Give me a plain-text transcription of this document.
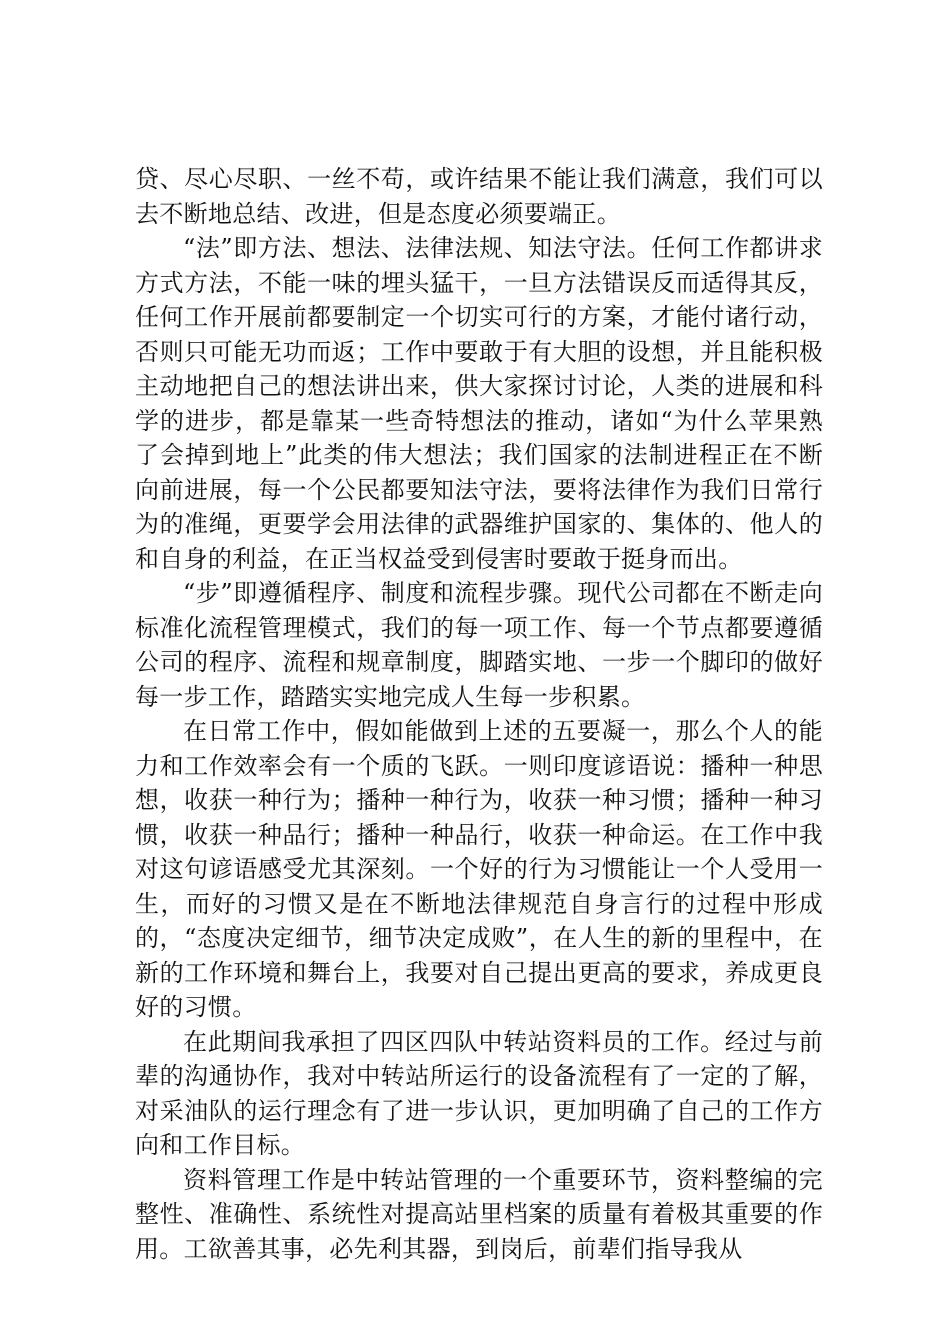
贷、尽心尽职、一丝不苟，或许结果不能让我们满意，我们可以去不断地总结、改进，但是态度必须要端正。

“法”即方法、想法、法律法规、知法守法。任何工作都讲求方式方法，不能一味的埋头猛干，一旦方法错误反而适得其反，任何工作开展前都要制定一个切实可行的方案，才能付诸行动，否则只可能无功而返；工作中要敢于有大胆的设想，并且能积极主动地把自己的想法讲出来，供大家探讨讨论，人类的进展和科学的进步，都是靠某一些奇特想法的推动，诸如“为什么苹果熟了会掉到地上”此类的伟大想法；我们国家的法制进程正在不断向前进展，每一个公民都要知法守法，要将法律作为我们日常行为的准绳，更要学会用法律的武器维护国家的、集体的、他人的和自身的利益，在正当权益受到侵害时要敢于挺身而出。

“步”即遵循程序、制度和流程步骤。现代公司都在不断走向标准化流程管理模式，我们的每一项工作、每一个节点都要遵循公司的程序、流程和规章制度，脚踏实地、一步一个脚印的做好每一步工作，踏踏实实地完成人生每一步积累。

在日常工作中，假如能做到上述的五要凝一，那么个人的能力和工作效率会有一个质的飞跃。一则印度谚语说：播种一种思想，收获一种行为；播种一种行为，收获一种习惯；播种一种习惯，收获一种品行；播种一种品行，收获一种命运。在工作中我对这句谚语感受尤其深刻。一个好的行为习惯能让一个人受用一生，而好的习惯又是在不断地法律规范自身言行的过程中形成的，“态度决定细节，细节决定成败”，在人生的新的里程中，在新的工作环境和舞台上，我要对自己提出更高的要求，养成更良好的习惯。

在此期间我承担了四区四队中转站资料员的工作。经过与前辈的沟通协作，我对中转站所运行的设备流程有了一定的了解，对采油队的运行理念有了进一步认识，更加明确了自己的工作方向和工作目标。

资料管理工作是中转站管理的一个重要环节，资料整编的完整性、准确性、系统性对提高站里档案的质量有着极其重要的作用。工欲善其事，必先利其器，到岗后，前辈们指导我从
